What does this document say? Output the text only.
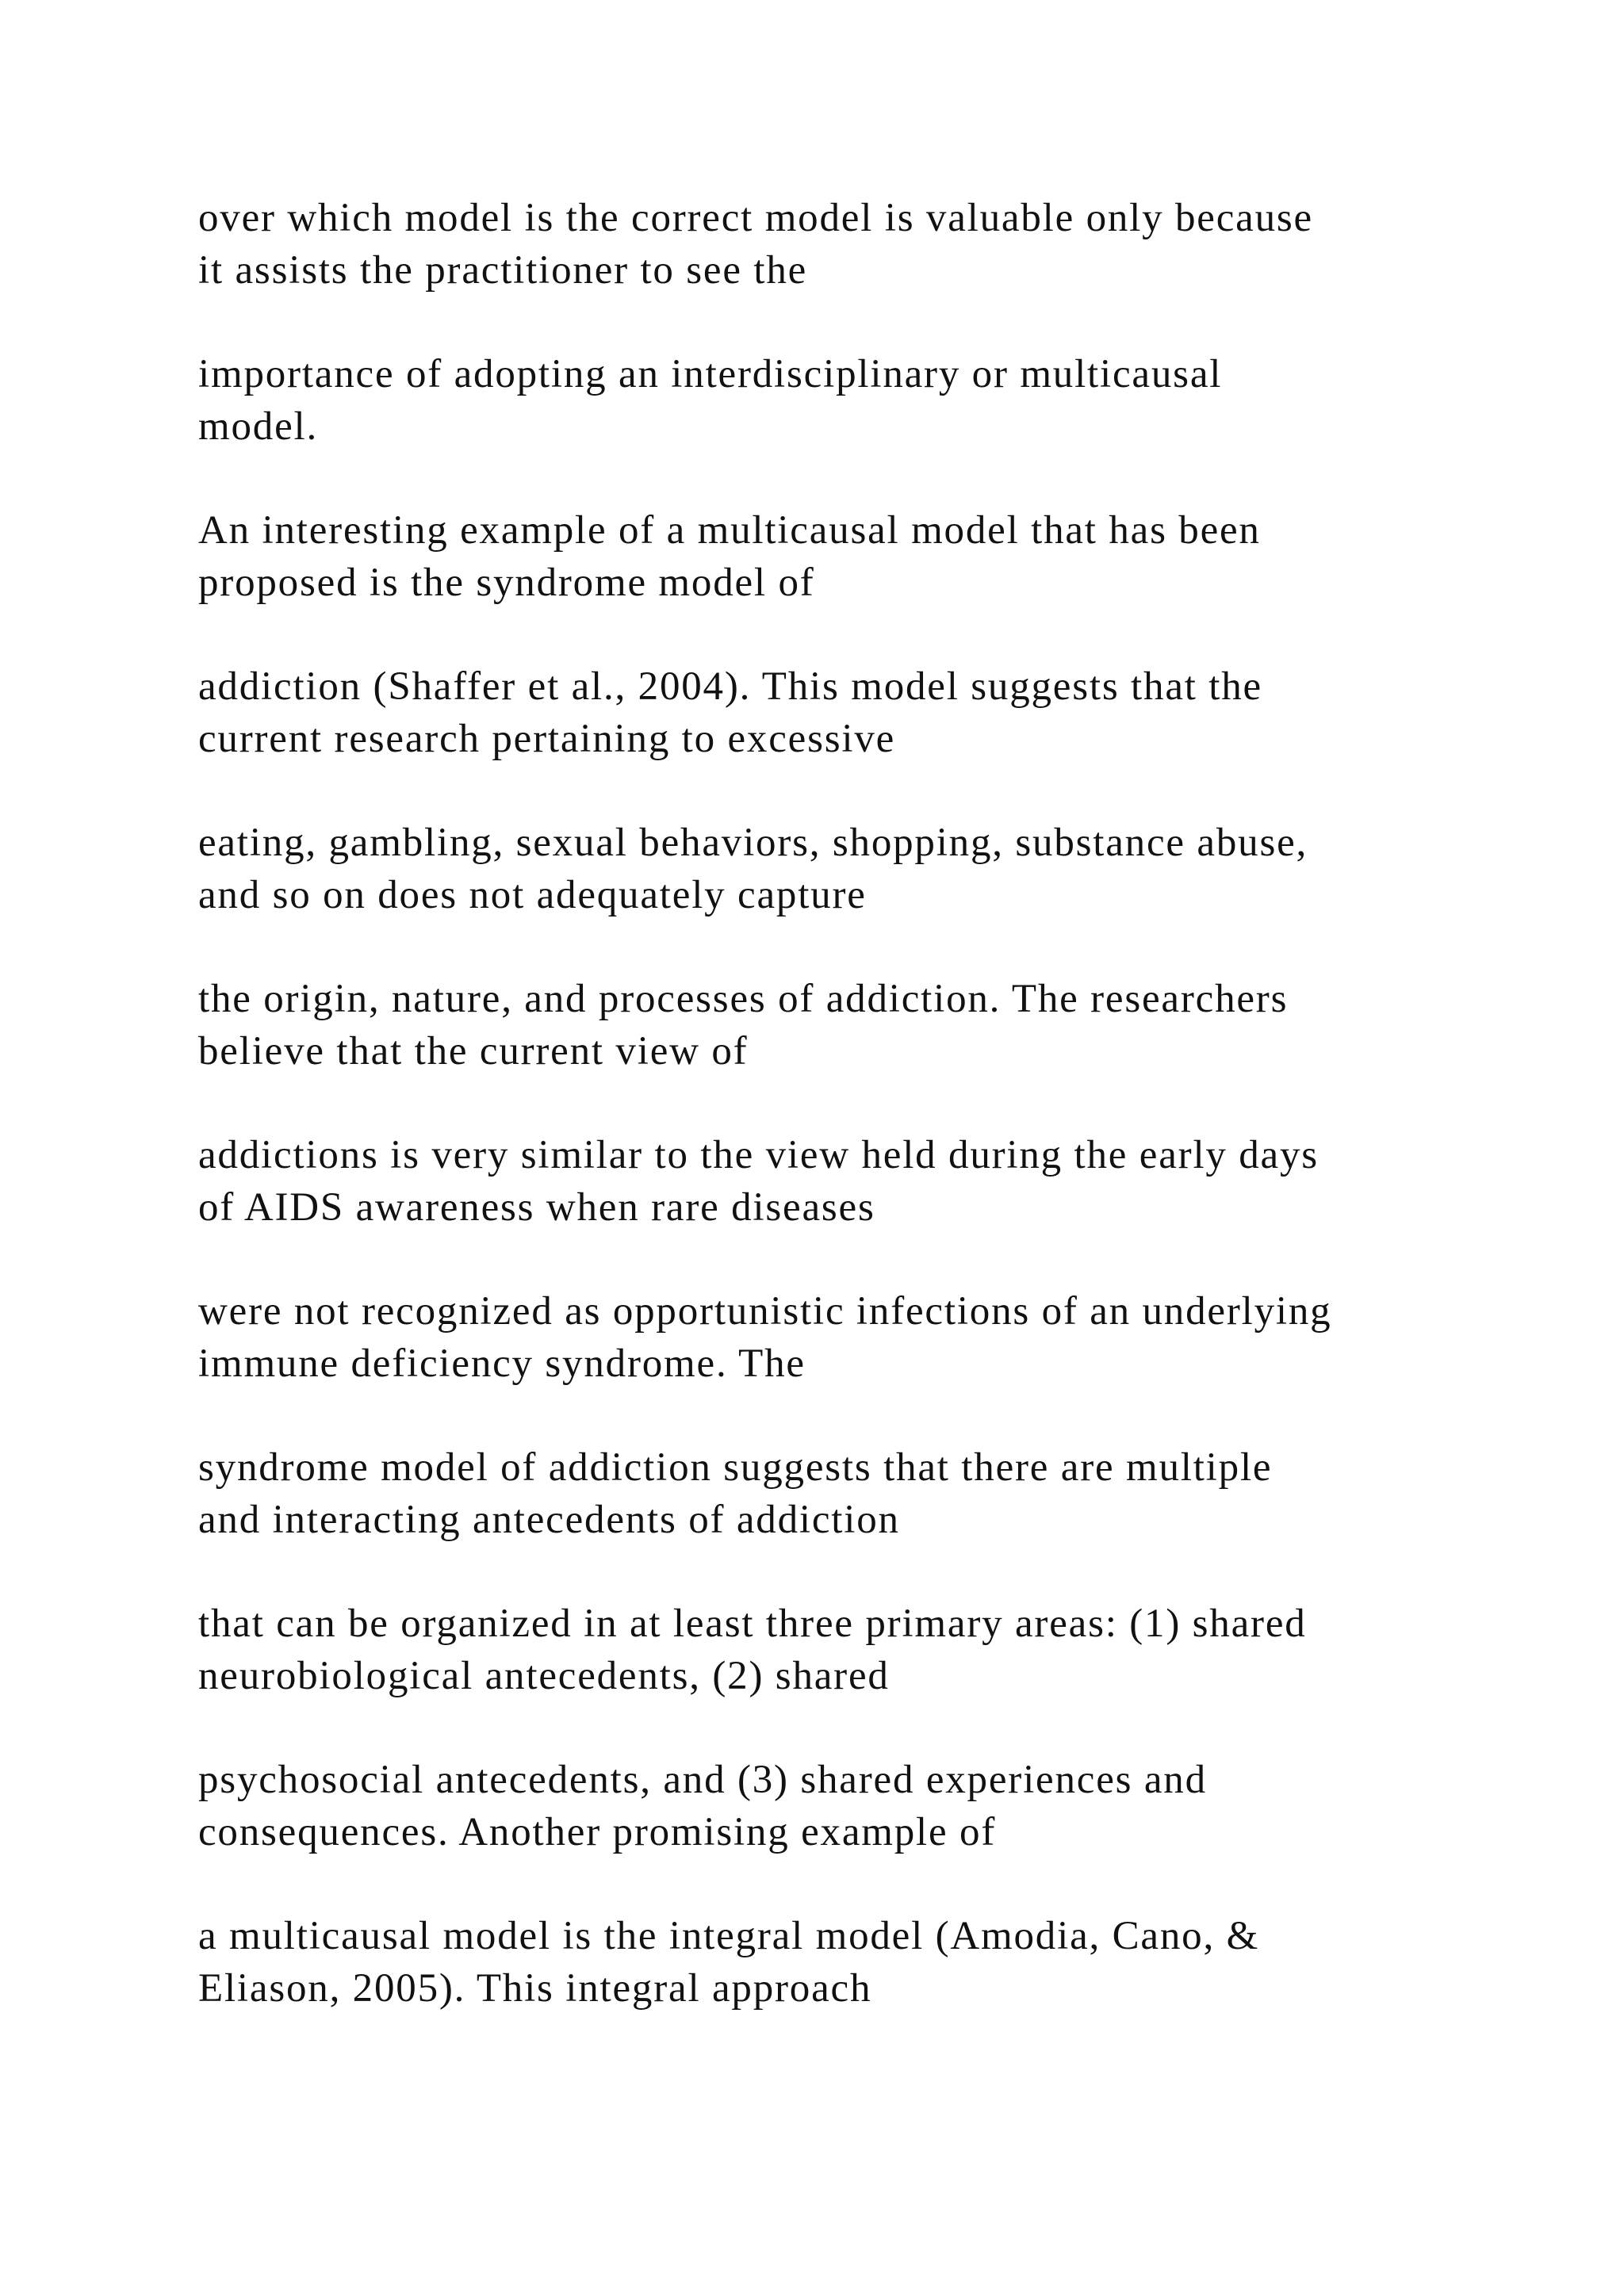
over which model is the correct model is valuable only because
it assists the practitioner to see the
importance of adopting an interdisciplinary or multicausal
model.
An interesting example of a multicausal model that has been
proposed is the syndrome model of
addiction (Shaffer et al., 2004). This model suggests that the
current research pertaining to excessive
eating, gambling, sexual behaviors, shopping, substance abuse,
and so on does not adequately capture
the origin, nature, and processes of addiction. The researchers
believe that the current view of
addictions is very similar to the view held during the early days
of AIDS awareness when rare diseases
were not recognized as opportunistic infections of an underlying
immune deficiency syndrome. The
syndrome model of addiction suggests that there are multiple
and interacting antecedents of addiction
that can be organized in at least three primary areas: (1) shared
neurobiological antecedents, (2) shared
psychosocial antecedents, and (3) shared experiences and
consequences. Another promising example of
a multicausal model is the integral model (Amodia, Cano, &
Eliason, 2005). This integral approach
